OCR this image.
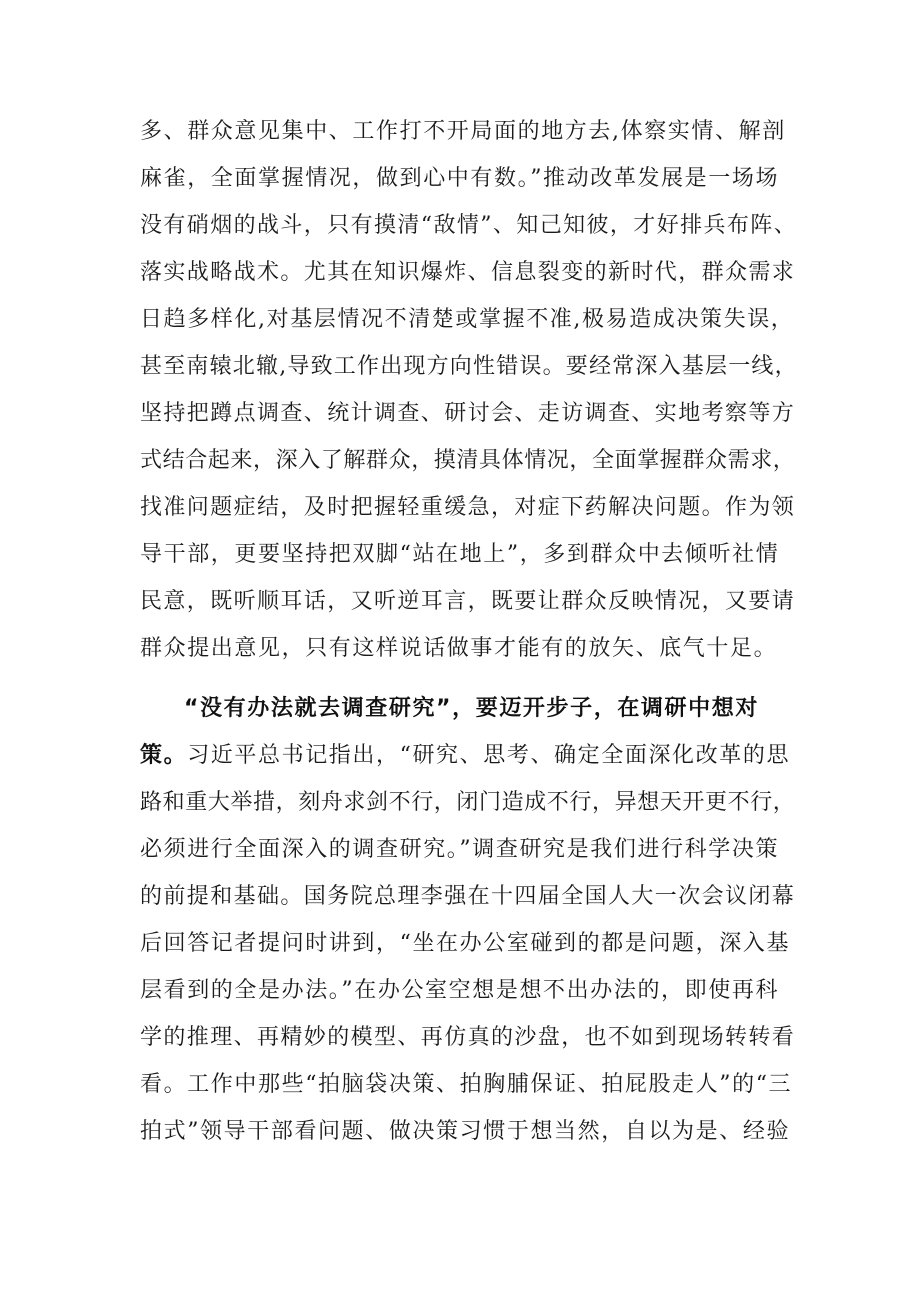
多、群众意见集中、工作打不开局面的地方去,体察实情、解剖
麻雀，全面掌握情况，做到心中有数。”推动改革发展是一场场
没有硝烟的战斗，只有摸清“敌情”、知己知彼，才好排兵布阵、
落实战略战术。尤其在知识爆炸、信息裂变的新时代，群众需求
日趋多样化,对基层情况不清楚或掌握不准,极易造成决策失误，
甚至南辕北辙,导致工作出现方向性错误。要经常深入基层一线，
坚持把蹲点调查、统计调查、研讨会、走访调查、实地考察等方
式结合起来，深入了解群众，摸清具体情况，全面掌握群众需求，
找准问题症结，及时把握轻重缓急，对症下药解决问题。作为领
导干部，更要坚持把双脚“站在地上”，多到群众中去倾听社情
民意，既听顺耳话，又听逆耳言，既要让群众反映情况，又要请
群众提出意见，只有这样说话做事才能有的放矢、底气十足。
“没有办法就去调查研究”，要迈开步子，在调研中想对
策。习近平总书记指出，“研究、思考、确定全面深化改革的思
路和重大举措，刻舟求剑不行，闭门造成不行，异想天开更不行，
必须进行全面深入的调查研究。”调查研究是我们进行科学决策
的前提和基础。国务院总理李强在十四届全国人大一次会议闭幕
后回答记者提问时讲到，“坐在办公室碰到的都是问题，深入基
层看到的全是办法。”在办公室空想是想不出办法的，即使再科
学的推理、再精妙的模型、再仿真的沙盘，也不如到现场转转看
看。工作中那些“拍脑袋决策、拍胸脯保证、拍屁股走人”的“三
拍式”领导干部看问题、做决策习惯于想当然，自以为是、经验
